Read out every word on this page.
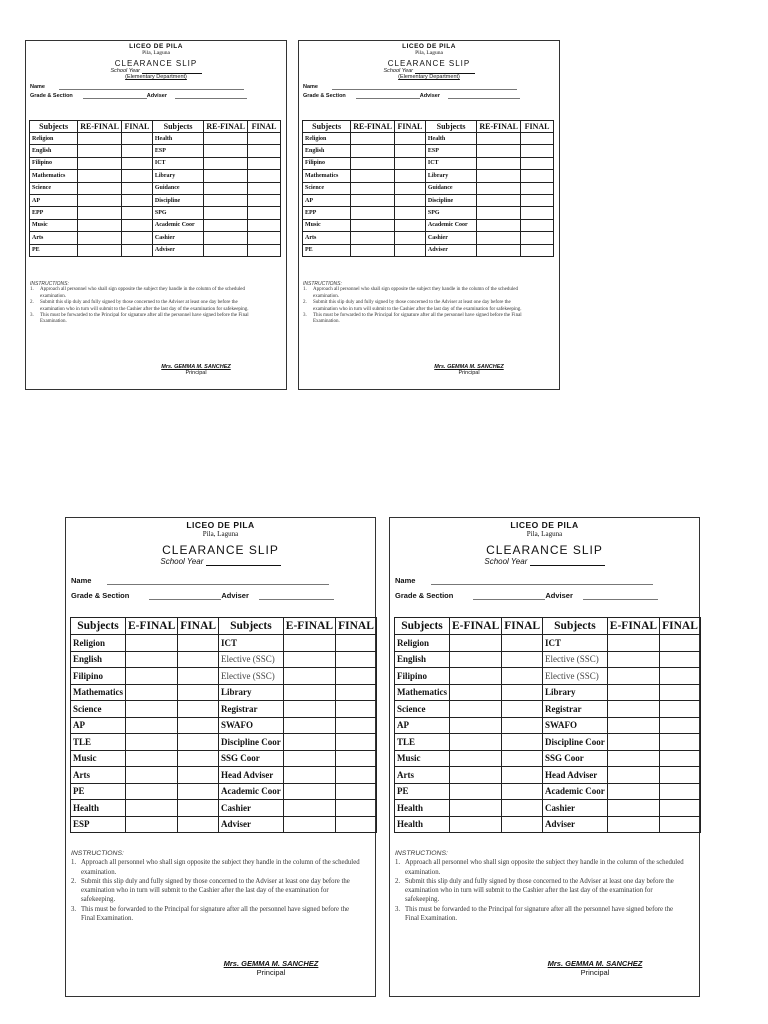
LICEO DE PILA
Pila, Laguna
CLEARANCE SLIP
School Year
(Elementary Department)
Name
Grade & Section	Adviser
Subjects	RE-FINAL	FINAL	Subjects	RE-FINAL	FINAL
Religion			Health		
English			ESP		
Filipino			ICT		
Mathematics			Library		
Science			Guidance		
AP			Discipline		
EPP			SPG		
Music			Academic Coor		
Arts			Cashier		
PE			Adviser		
INSTRUCTIONS:
1. Approach all personnel who shall sign opposite the subject they handle in the column of the scheduled examination.
2. Submit this slip duly and fully signed by those concerned to the Adviser at least one day before the examination who in turn will submit to the Cashier after the last day of the examination for safekeeping.
3. This must be forwarded to the Principal for signature after all the personnel have signed before the Final Examination.
Mrs. GEMMA M. SANCHEZ
Principal
LICEO DE PILA
Pila, Laguna
CLEARANCE SLIP
School Year
(Elementary Department)
Name
Grade & Section	Adviser
Subjects	RE-FINAL	FINAL	Subjects	RE-FINAL	FINAL
Religion			Health		
English			ESP		
Filipino			ICT		
Mathematics			Library		
Science			Guidance		
AP			Discipline		
EPP			SPG		
Music			Academic Coor		
Arts			Cashier		
PE			Adviser		
INSTRUCTIONS:
1. Approach all personnel who shall sign opposite the subject they handle in the column of the scheduled examination.
2. Submit this slip duly and fully signed by those concerned to the Adviser at least one day before the examination who in turn will submit to the Cashier after the last day of the examination for safekeeping.
3. This must be forwarded to the Principal for signature after all the personnel have signed before the Final Examination.
Mrs. GEMMA M. SANCHEZ
Principal
LICEO DE PILA
Pila, Laguna
CLEARANCE SLIP
School Year
Name
Grade & Section	Adviser
Subjects	E-FINAL	FINAL	Subjects	E-FINAL	FINAL
Religion			ICT		
English			Elective (SSC)		
Filipino			Elective (SSC)		
Mathematics			Library		
Science			Registrar		
AP			SWAFO		
TLE			Discipline Coor		
Music			SSG Coor		
Arts			Head Adviser		
PE			Academic Coor		
Health			Cashier		
ESP			Adviser		
INSTRUCTIONS:
1. Approach all personnel who shall sign opposite the subject they handle in the column of the scheduled examination.
2. Submit this slip duly and fully signed by those concerned to the Adviser at least one day before the examination who in turn will submit to the Cashier after the last day of the examination for safekeeping.
3. This must be forwarded to the Principal for signature after all the personnel have signed before the Final Examination.
Mrs. GEMMA M. SANCHEZ
Principal
LICEO DE PILA
Pila, Laguna
CLEARANCE SLIP
School Year
Name
Grade & Section	Adviser
Subjects	E-FINAL	FINAL	Subjects	E-FINAL	FINAL
Religion			ICT		
English			Elective (SSC)		
Filipino			Elective (SSC)		
Mathematics			Library		
Science			Registrar		
AP			SWAFO		
TLE			Discipline Coor		
Music			SSG Coor		
Arts			Head Adviser		
PE			Academic Coor		
Health			Cashier		
Health			Adviser		
INSTRUCTIONS:
1. Approach all personnel who shall sign opposite the subject they handle in the column of the scheduled examination.
2. Submit this slip duly and fully signed by those concerned to the Adviser at least one day before the examination who in turn will submit to the Cashier after the last day of the examination for safekeeping.
3. This must be forwarded to the Principal for signature after all the personnel have signed before the Final Examination.
Mrs. GEMMA M. SANCHEZ
Principal
